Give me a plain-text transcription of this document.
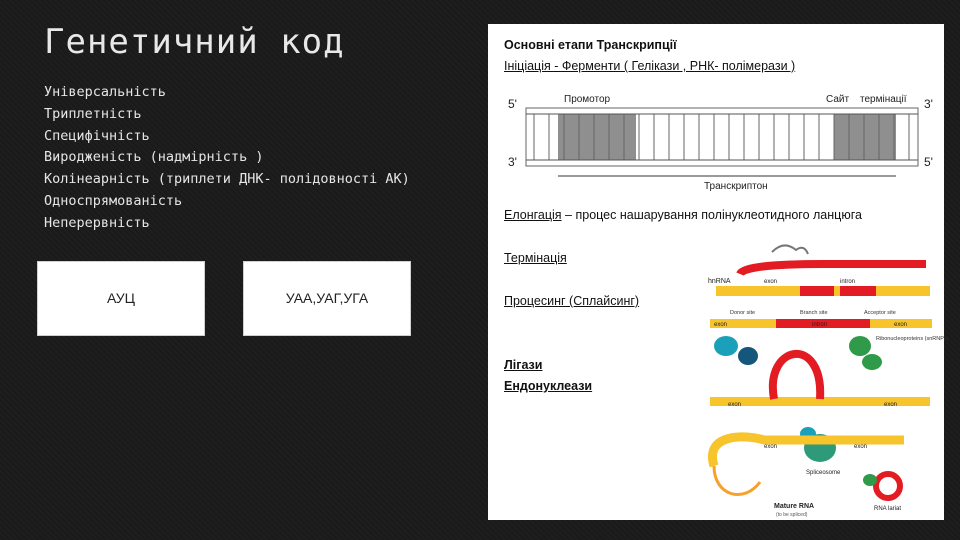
Генетичний код
Універсальність
Триплетність
Специфічність
Виродженість (надмірність )
Колінеарність (триплети ДНК- полідовності АК)
Односпрямованість
Неперервність
АУЦ	УАА,УАГ,УГА
Основні етапи Транскрипції
Ініціація - Ферменти ( Гелікази , РНК- полімерази )
5'
3'
3'
5'
Промотор	Сайт термінації
Транскриптон
Елонгація – процес нашарування полінуклеотидного ланцюга
Термінація
Процесинг (Сплайсинг)
Лігази
Ендонуклеази
hnRNA	exon	intron
Donor site	Branch site	Acceptor site
exon	intron	exon
Ribonucleoproteins (snRNPs)
exon	exon
exon	exon
Spliceosome
RNA lariat
Mature RNA
(to be spliced)
